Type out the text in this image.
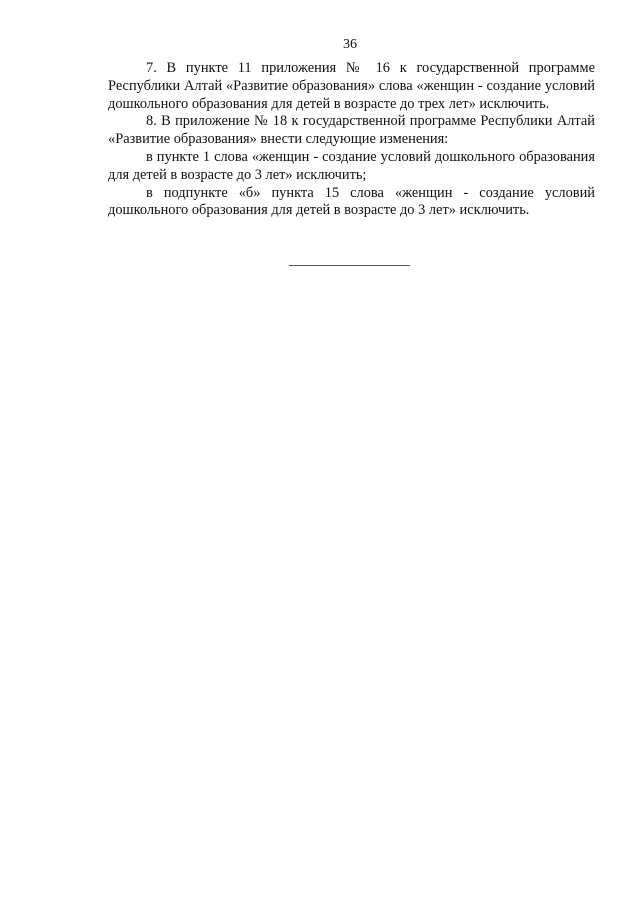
36

7. В пункте 11 приложения № 16 к государственной программе Республики Алтай «Развитие образования» слова «женщин - создание условий дошкольного образования для детей в возрасте до трех лет» исключить.

8. В приложение № 18 к государственной программе Республики Алтай «Развитие образования» внести следующие изменения:

в пункте 1 слова «женщин - создание условий дошкольного образования для детей в возрасте до 3 лет» исключить;

в подпункте «б» пункта 15 слова «женщин - создание условий дошкольного образования для детей в возрасте до 3 лет» исключить.
